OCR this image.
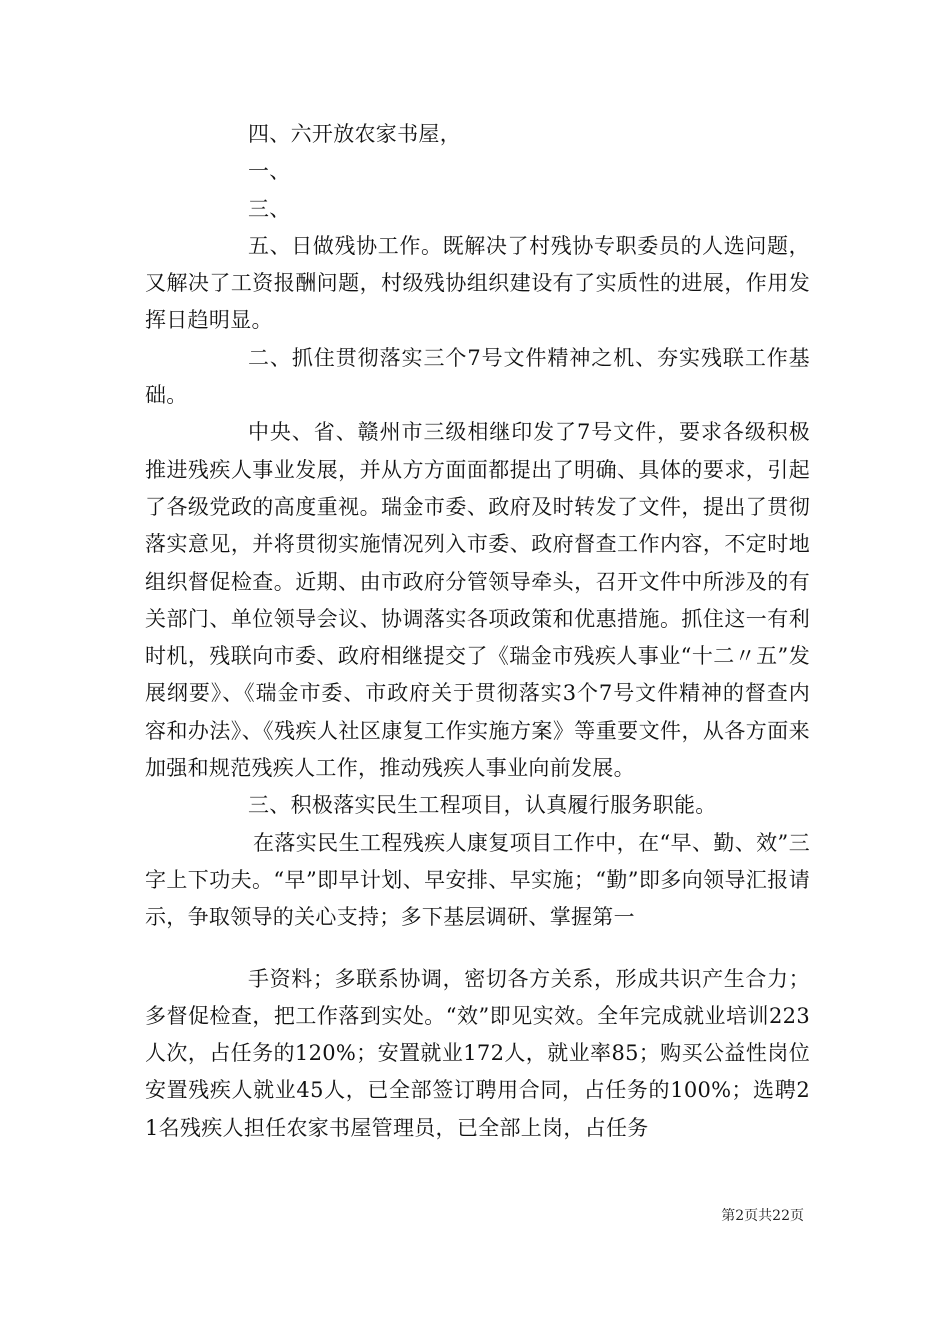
四、六开放农家书屋，

一、

三、

五、日做残协工作。既解决了村残协专职委员的人选问题，又解决了工资报酬问题，村级残协组织建设有了实质性的进展，作用发挥日趋明显。

二、抓住贯彻落实三个7号文件精神之机、夯实残联工作基础。

中央、省、赣州市三级相继印发了7号文件，要求各级积极推进残疾人事业发展，并从方方面面都提出了明确、具体的要求，引起了各级党政的高度重视。瑞金市委、政府及时转发了文件，提出了贯彻落实意见，并将贯彻实施情况列入市委、政府督查工作内容，不定时地组织督促检查。近期、由市政府分管领导牵头，召开文件中所涉及的有关部门、单位领导会议、协调落实各项政策和优惠措施。抓住这一有利时机，残联向市委、政府相继提交了《瑞金市残疾人事业“十二〃五”发展纲要》、《瑞金市委、市政府关于贯彻落实3个7号文件精神的督查内容和办法》、《残疾人社区康复工作实施方案》等重要文件，从各方面来加强和规范残疾人工作，推动残疾人事业向前发展。

三、积极落实民生工程项目，认真履行服务职能。

在落实民生工程残疾人康复项目工作中，在“早、勤、效”三字上下功夫。“早”即早计划、早安排、早实施；“勤”即多向领导汇报请示，争取领导的关心支持；多下基层调研、掌握第一

手资料；多联系协调，密切各方关系，形成共识产生合力；多督促检查，把工作落到实处。“效”即见实效。全年完成就业培训223人次，占任务的120%；安置就业172人，就业率85；购买公益性岗位安置残疾人就业45人，已全部签订聘用合同，占任务的100%；选聘21名残疾人担任农家书屋管理员，已全部上岗，占任务

第2页共22页
